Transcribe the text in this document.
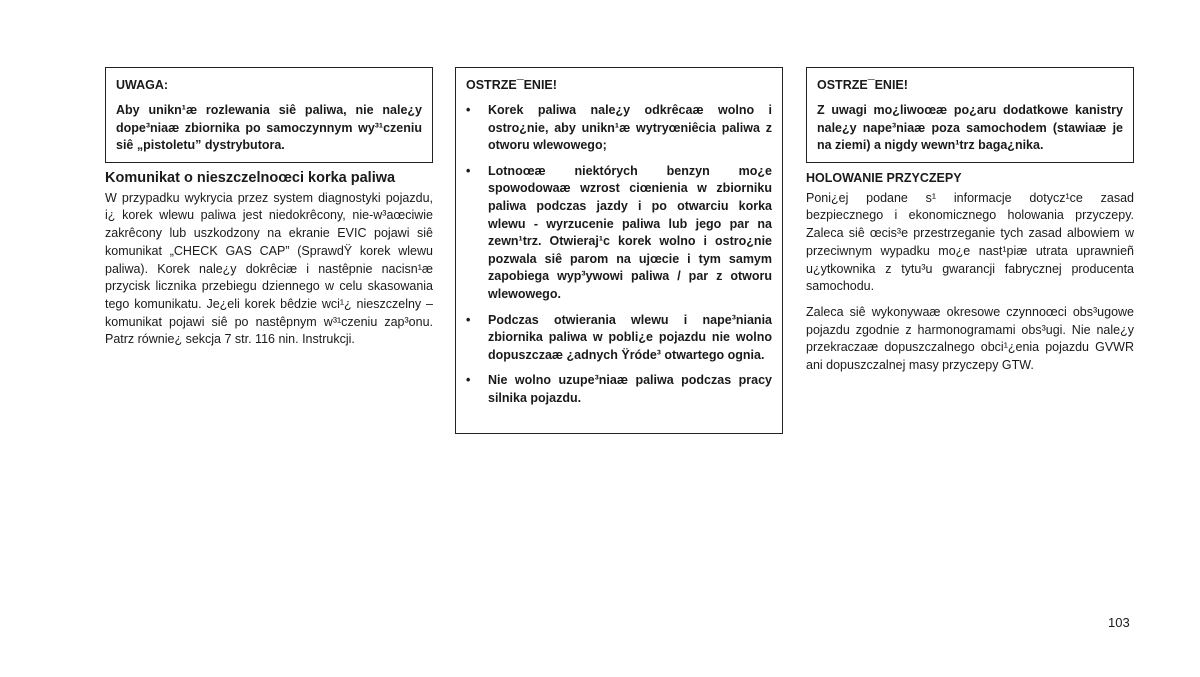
UWAGA:

Aby unikn¹æ rozlewania siê paliwa, nie nale¿y dope³niaæ zbiornika po samoczynnym wy³¹czeniu siê „pistoletu” dystrybutora.

Komunikat o nieszczelnoœci korka paliwa

W przypadku wykrycia przez system diagnostyki pojazdu, i¿ korek wlewu paliwa jest niedokrêcony, nie-w³aœciwie zakrêcony lub uszkodzony na ekranie EVIC pojawi siê komunikat „CHECK GAS CAP” (SprawdŸ korek wlewu paliwa). Korek nale¿y dokrêciæ i nastêpnie nacisn¹æ przycisk licznika przebiegu dziennego w celu skasowania tego komunikatu. Je¿eli korek bêdzie wci¹¿ nieszczelny – komunikat pojawi siê po nastêpnym w³¹czeniu zap³onu. Patrz równie¿ sekcja 7 str. 116 nin. Instrukcji.

OSTRZE¯ENIE!
• Korek paliwa nale¿y odkrêcaæ wolno i ostro¿nie, aby unikn¹æ wytryœniêcia paliwa z otworu wlewowego;
• Lotnoœæ niektórych benzyn mo¿e spowodowaæ wzrost ciœnienia w zbiorniku paliwa podczas jazdy i po otwarciu korka wlewu - wyrzucenie paliwa lub jego par na zewn¹trz. Otwieraj¹c korek wolno i ostro¿nie pozwala siê parom na ujœcie i tym samym zapobiega wyp³ywowi paliwa / par z otworu wlewowego.
• Podczas otwierania wlewu i nape³niania zbiornika paliwa w pobli¿e pojazdu nie wolno dopuszczaæ ¿adnych Ÿróde³ otwartego ognia.
• Nie wolno uzupe³niaæ paliwa podczas pracy silnika pojazdu.
OSTRZE¯ENIE!

Z uwagi mo¿liwoœæ po¿aru dodatkowe kanistry nale¿y nape³niaæ poza samochodem (stawiaæ je na ziemi) a nigdy wewn¹trz baga¿nika.

HOLOWANIE PRZYCZEPY

Poni¿ej podane s¹ informacje dotycz¹ce zasad bezpiecznego i ekonomicznego holowania przyczepy. Zaleca siê œcis³e przestrzeganie tych zasad albowiem w przeciwnym wypadku mo¿e nast¹piæ utrata uprawnieñ u¿ytkownika z tytu³u gwarancji fabrycznej producenta samochodu.

Zaleca siê wykonywaæ okresowe czynnoœci obs³ugowe pojazdu zgodnie z harmonogramami obs³ugi. Nie nale¿y przekraczaæ dopuszczalnego obci¹¿enia pojazdu GVWR ani dopuszczalnej masy przyczepy GTW.

103
